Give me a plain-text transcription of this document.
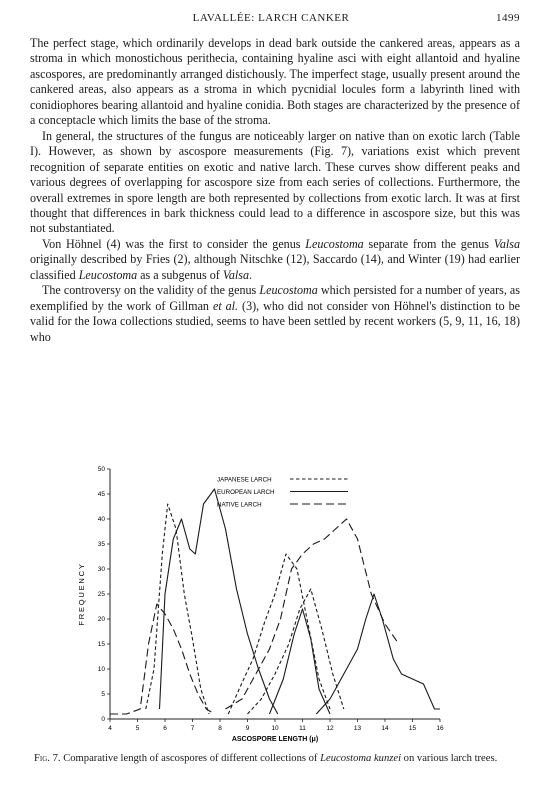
LAVALLÉE: LARCH CANKER	1499

The perfect stage, which ordinarily develops in dead bark outside the cankered areas, appears as a stroma in which monostichous perithecia, containing hyaline asci with eight allantoid and hyaline ascospores, are predominantly arranged distichously. The imperfect stage, usually present around the cankered areas, also appears as a stroma in which pycnidial locules form a labyrinth lined with conidiophores bearing allantoid and hyaline conidia. Both stages are characterized by the presence of a conceptacle which limits the base of the stroma.

In general, the structures of the fungus are noticeably larger on native than on exotic larch (Table I). However, as shown by ascospore measurements (Fig. 7), variations exist which prevent recognition of separate entities on exotic and native larch. These curves show different peaks and various degrees of overlapping for ascospore size from each series of collections. Furthermore, the overall extremes in spore length are both represented by collections from exotic larch. It was at first thought that differences in bark thickness could lead to a difference in ascospore size, but this was not substantiated.

Von Höhnel (4) was the first to consider the genus Leucostoma separate from the genus Valsa originally described by Fries (2), although Nitschke (12), Saccardo (14), and Winter (19) had earlier classified Leucostoma as a subgenus of Valsa.

The controversy on the validity of the genus Leucostoma which persisted for a number of years, as exemplified by the work of Gillman et al. (3), who did not consider von Höhnel's distinction to be valid for the Iowa collections studied, seems to have been settled by recent workers (5, 9, 11, 16, 18) who

4	5	6	7	8	9	10	11	12	13	14	15	16
0
5
10
15
20
25
30
35
40
45
50
FREQUENCY
ASCOSPORE LENGTH (μ)
JAPANESE LARCH
EUROPEAN LARCH
NATIVE LARCH
Fig. 7. Comparative length of ascospores of different collections of Leucostoma kunzei on various larch trees.
